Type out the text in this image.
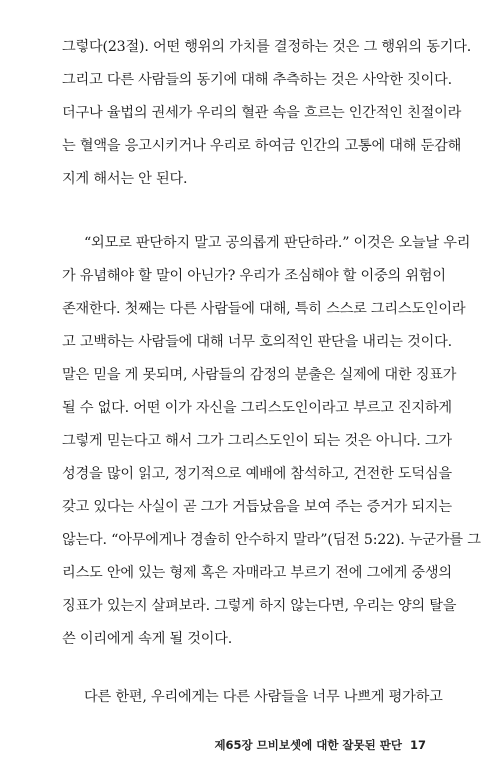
그렇다(23절). 어떤 행위의 가치를 결정하는 것은 그 행위의 동기다.
그리고 다른 사람들의 동기에 대해 추측하는 것은 사악한 짓이다.
더구나 율법의 권세가 우리의 혈관 속을 흐르는 인간적인 친절이라
는 혈액을 응고시키거나 우리로 하여금 인간의 고통에 대해 둔감해
지게 해서는 안 된다.
“외모로 판단하지 말고 공의롭게 판단하라.” 이것은 오늘날 우리
가 유념해야 할 말이 아닌가? 우리가 조심해야 할 이중의 위험이
존재한다. 첫째는 다른 사람들에 대해, 특히 스스로 그리스도인이라
고 고백하는 사람들에 대해 너무 호의적인 판단을 내리는 것이다.
말은 믿을 게 못되며, 사람들의 감정의 분출은 실제에 대한 징표가
될 수 없다. 어떤 이가 자신을 그리스도인이라고 부르고 진지하게
그렇게 믿는다고 해서 그가 그리스도인이 되는 것은 아니다. 그가
성경을 많이 읽고, 정기적으로 예배에 참석하고, 건전한 도덕심을
갖고 있다는 사실이 곧 그가 거듭났음을 보여 주는 증거가 되지는
않는다. “아무에게나 경솔히 안수하지 말라”(딤전 5:22). 누군가를 그
리스도 안에 있는 형제 혹은 자매라고 부르기 전에 그에게 중생의
징표가 있는지 살펴보라. 그렇게 하지 않는다면, 우리는 양의 탈을
쓴 이리에게 속게 될 것이다.
다른 한편, 우리에게는 다른 사람들을 너무 나쁘게 평가하고
제65장 므비보셋에 대한 잘못된 판단 17
